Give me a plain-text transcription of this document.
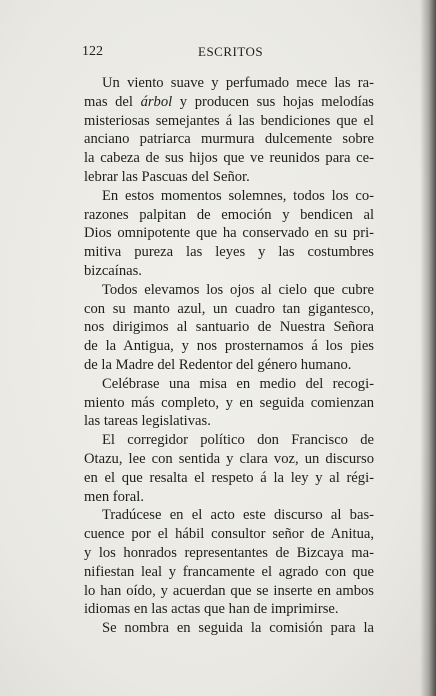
122	ESCRITOS
Un viento suave y perfumado mece las ra-
mas del árbol y producen sus hojas melodías
misteriosas semejantes á las bendiciones que el
anciano patriarca murmura dulcemente sobre
la cabeza de sus hijos que ve reunidos para ce-
lebrar las Pascuas del Señor.
En estos momentos solemnes, todos los co-
razones palpitan de emoción y bendicen al
Dios omnipotente que ha conservado en su pri-
mitiva pureza las leyes y las costumbres
bizcaínas.
Todos elevamos los ojos al cielo que cubre
con su manto azul, un cuadro tan gigantesco,
nos dirigimos al santuario de Nuestra Señora
de la Antigua, y nos prosternamos á los pies
de la Madre del Redentor del género humano.
Celébrase una misa en medio del recogi-
miento más completo, y en seguida comienzan
las tareas legislativas.
El corregidor político don Francisco de
Otazu, lee con sentida y clara voz, un discurso
en el que resalta el respeto á la ley y al régi-
men foral.
Tradúcese en el acto este discurso al bas-
cuence por el hábil consultor señor de Anitua,
y los honrados representantes de Bizcaya ma-
nifiestan leal y francamente el agrado con que
lo han oído, y acuerdan que se inserte en ambos
idiomas en las actas que han de imprimirse.
Se nombra en seguida la comisión para la
